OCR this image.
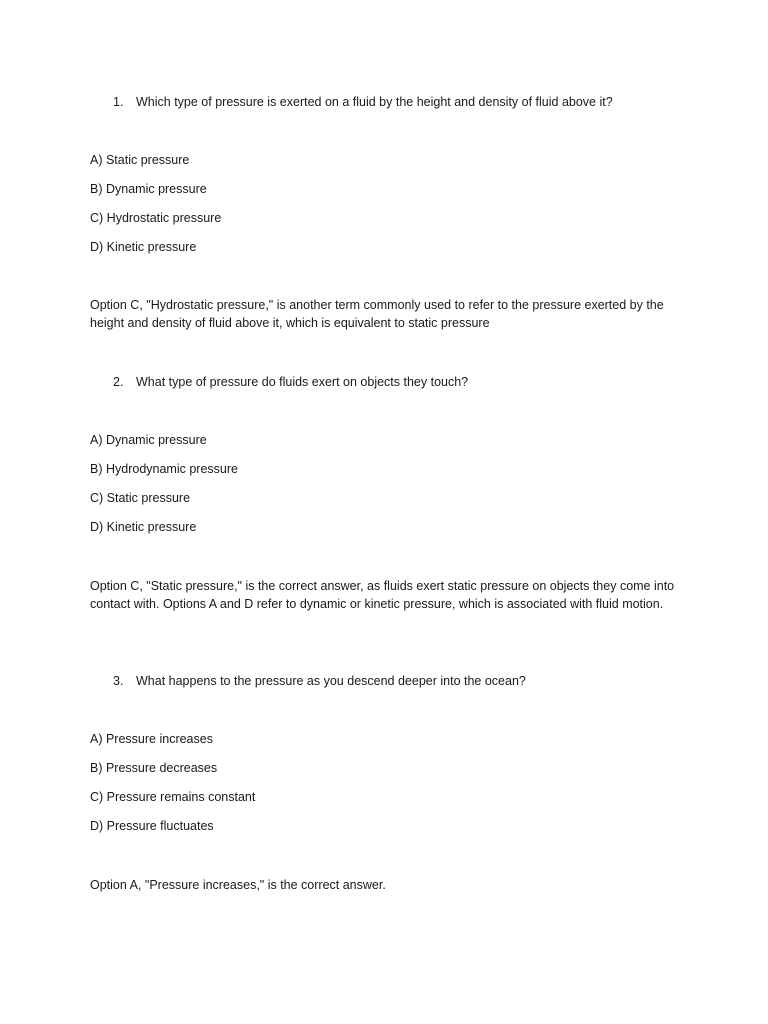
1. Which type of pressure is exerted on a fluid by the height and density of fluid above it?
A) Static pressure
B) Dynamic pressure
C) Hydrostatic pressure
D) Kinetic pressure
Option C, "Hydrostatic pressure," is another term commonly used to refer to the pressure exerted by the height and density of fluid above it, which is equivalent to static pressure
2. What type of pressure do fluids exert on objects they touch?
A) Dynamic pressure
B) Hydrodynamic pressure
C) Static pressure
D) Kinetic pressure
Option C, "Static pressure," is the correct answer, as fluids exert static pressure on objects they come into contact with. Options A and D refer to dynamic or kinetic pressure, which is associated with fluid motion.
3. What happens to the pressure as you descend deeper into the ocean?
A) Pressure increases
B) Pressure decreases
C) Pressure remains constant
D) Pressure fluctuates
Option A, "Pressure increases," is the correct answer.
